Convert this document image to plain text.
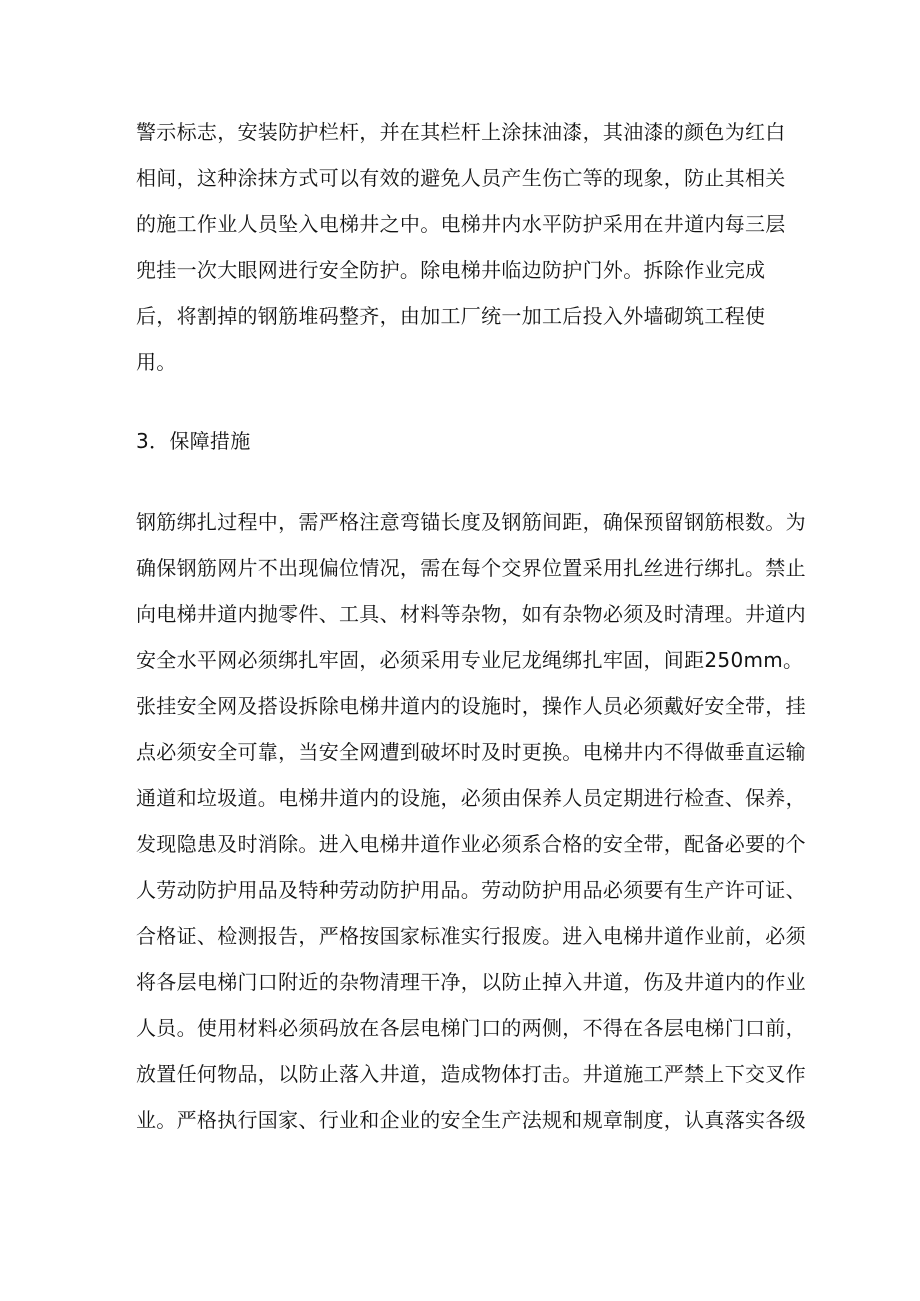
警示标志，安装防护栏杆，并在其栏杆上涂抹油漆，其油漆的颜色为红白
相间，这种涂抹方式可以有效的避免人员产生伤亡等的现象，防止其相关
的施工作业人员坠入电梯井之中。电梯井内水平防护采用在井道内每三层
兜挂一次大眼网进行安全防护。除电梯井临边防护门外。拆除作业完成
后，将割掉的钢筋堆码整齐，由加工厂统一加工后投入外墙砌筑工程使
用。
3．保障措施
钢筋绑扎过程中，需严格注意弯锚长度及钢筋间距，确保预留钢筋根数。为
确保钢筋网片不出现偏位情况，需在每个交界位置采用扎丝进行绑扎。禁止
向电梯井道内抛零件、工具、材料等杂物，如有杂物必须及时清理。井道内
安全水平网必须绑扎牢固，必须采用专业尼龙绳绑扎牢固，间距250mm。
张挂安全网及搭设拆除电梯井道内的设施时，操作人员必须戴好安全带，挂
点必须安全可靠，当安全网遭到破坏时及时更换。电梯井内不得做垂直运输
通道和垃圾道。电梯井道内的设施，必须由保养人员定期进行检查、保养，
发现隐患及时消除。进入电梯井道作业必须系合格的安全带，配备必要的个
人劳动防护用品及特种劳动防护用品。劳动防护用品必须要有生产许可证、
合格证、检测报告，严格按国家标准实行报废。进入电梯井道作业前，必须
将各层电梯门口附近的杂物清理干净，以防止掉入井道，伤及井道内的作业
人员。使用材料必须码放在各层电梯门口的两侧，不得在各层电梯门口前，
放置任何物品，以防止落入井道，造成物体打击。井道施工严禁上下交叉作
业。严格执行国家、行业和企业的安全生产法规和规章制度，认真落实各级
